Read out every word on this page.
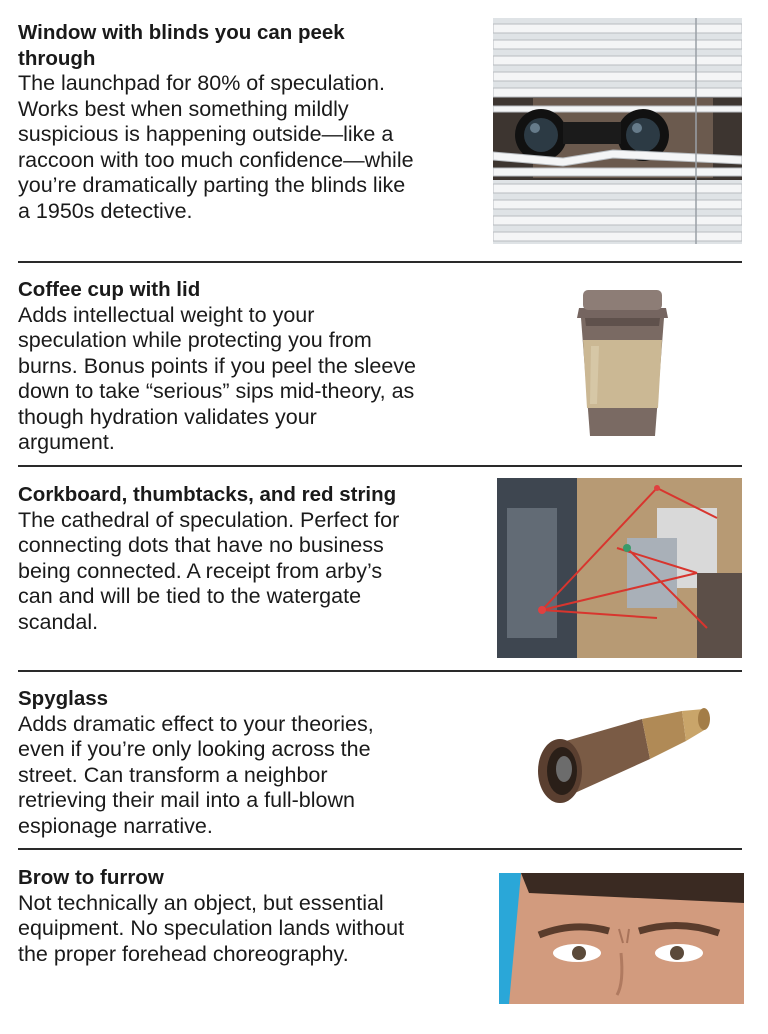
Window with blinds you can peek through
The launchpad for 80% of speculation. Works best when something mildly suspicious is happening outside—like a raccoon with too much confidence—while you’re dramatically parting the blinds like a 1950s detective.
Coffee cup with lid
Adds intellectual weight to your speculation while protecting you from burns. Bonus points if you peel the sleeve down to take “serious” sips mid-theory, as though hydration validates your argument.
Corkboard, thumbtacks, and red string
The cathedral of speculation. Perfect for connecting dots that have no business being connected. A receipt from arby’s can and will be tied to the watergate scandal.
Spyglass
Adds dramatic effect to your theories, even if you’re only looking across the street. Can transform a neighbor retrieving their mail into a full-blown espionage narrative.
Brow to furrow
Not technically an object, but essential equipment. No speculation lands without the proper forehead choreography.
